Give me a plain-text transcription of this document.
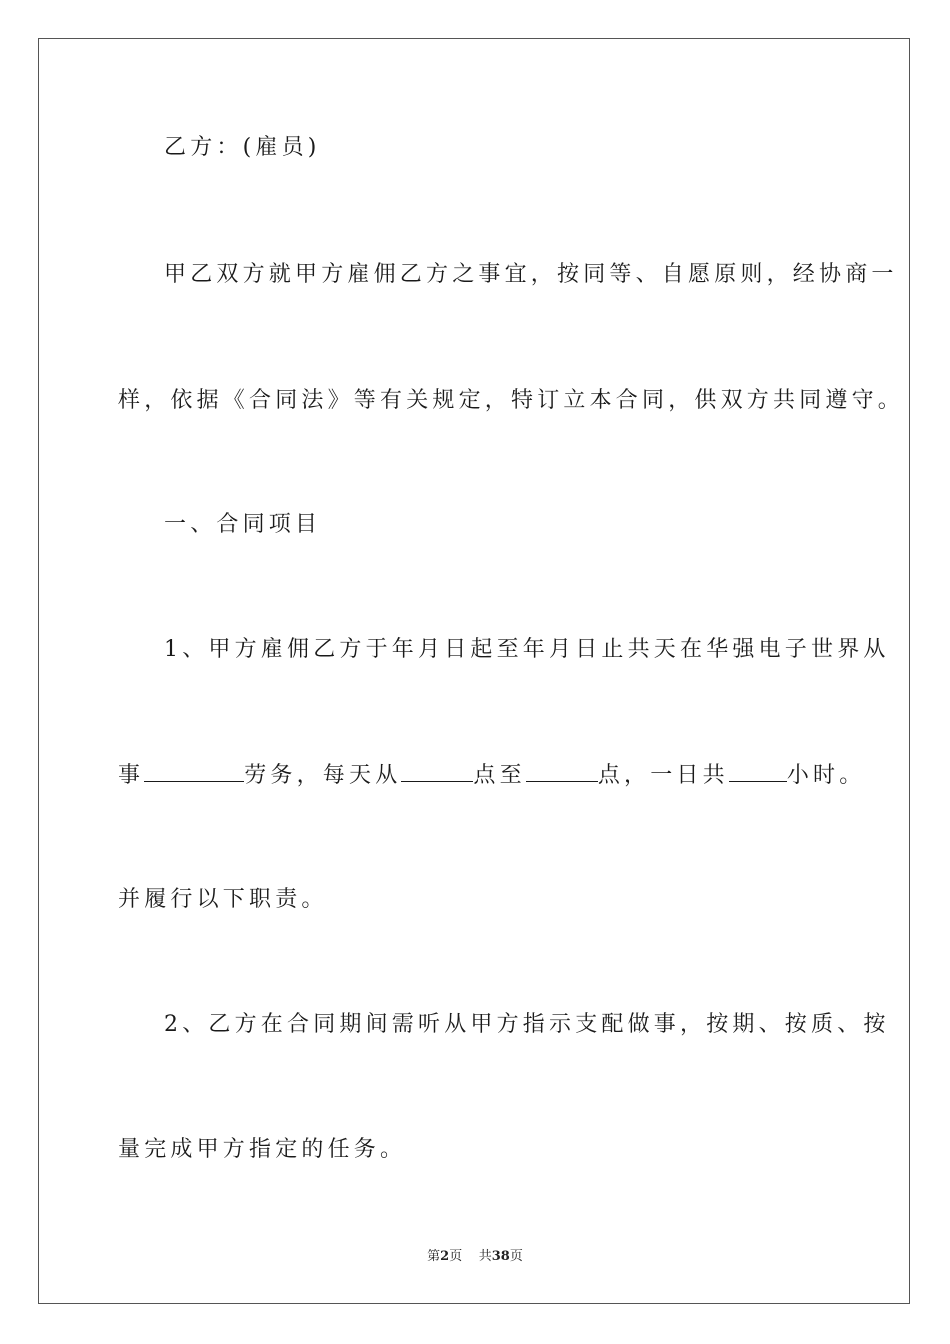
乙方：(雇员)
甲乙双方就甲方雇佣乙方之事宜，按同等、自愿原则，经协商一
样，依据《合同法》等有关规定，特订立本合同，供双方共同遵守。
一、合同项目
1、甲方雇佣乙方于年月日起至年月日止共天在华强电子世界从
事	劳务，每天从	点至	点，一日共	小时。
并履行以下职责。
2、乙方在合同期间需听从甲方指示支配做事，按期、按质、按
量完成甲方指定的任务。
第2页 共38页
